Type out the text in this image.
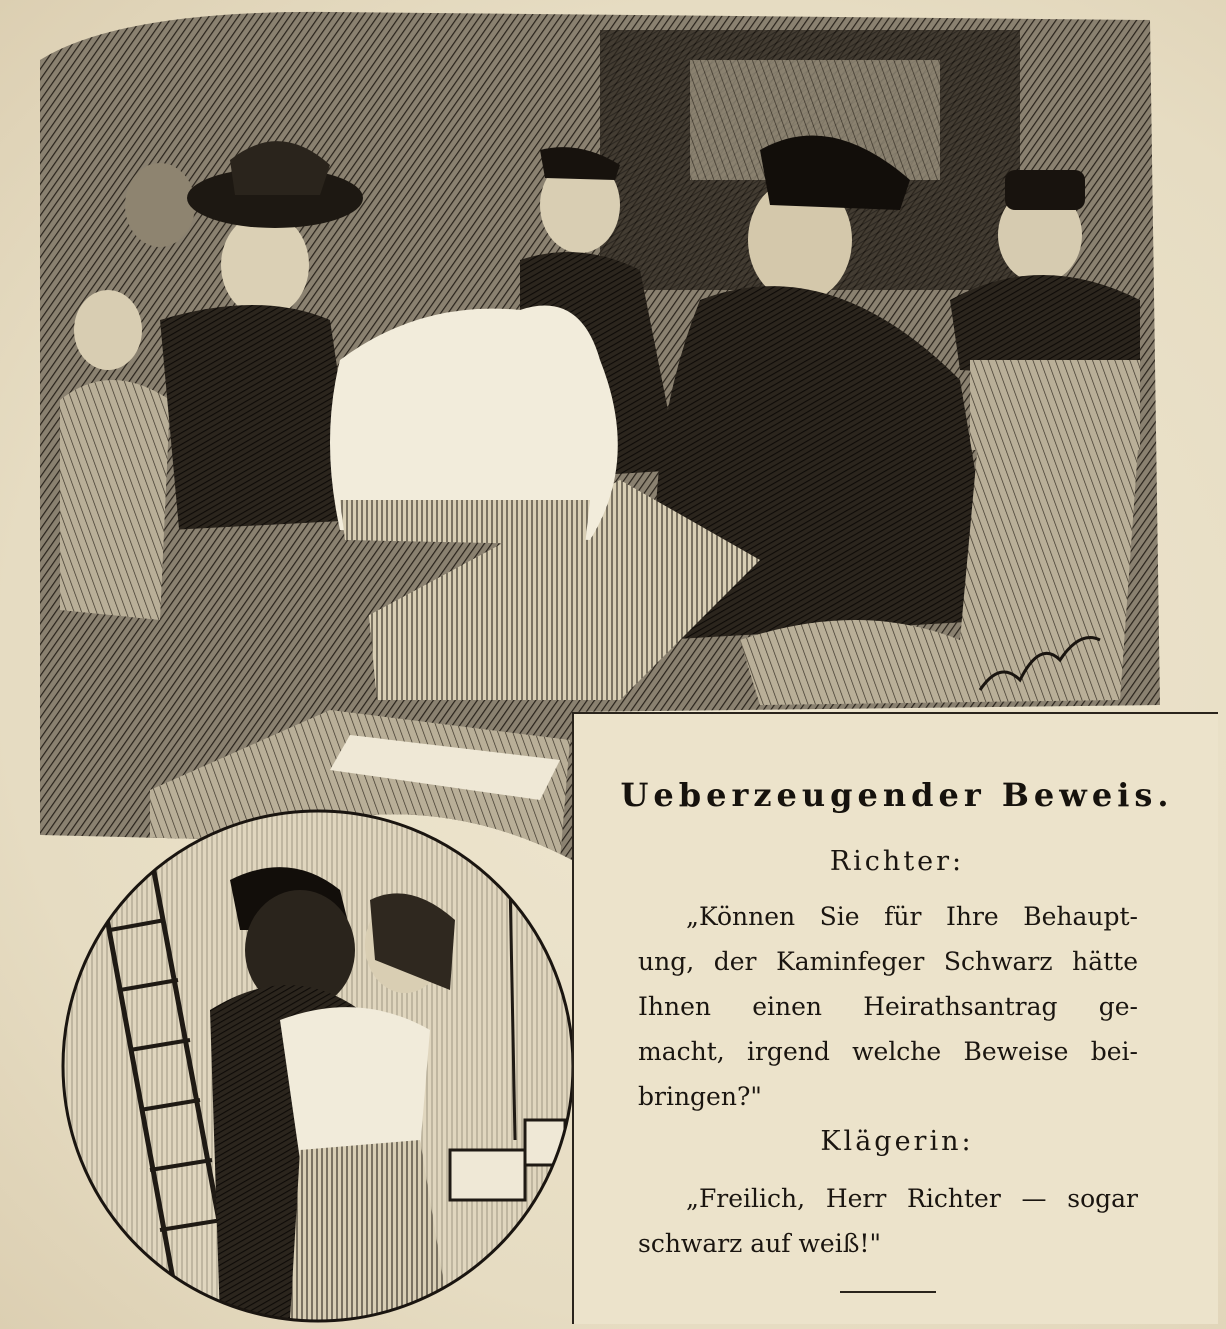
Ueberzeugender Beweis.
Richter:
„Können Sie für Ihre Behaupt-
ung, der Kaminfeger Schwarz hätte
Ihnen einen Heirathsantrag ge-
macht, irgend welche Beweise bei-
bringen?"
Klägerin:
„Freilich, Herr Richter — sogar
schwarz auf weiß!"
